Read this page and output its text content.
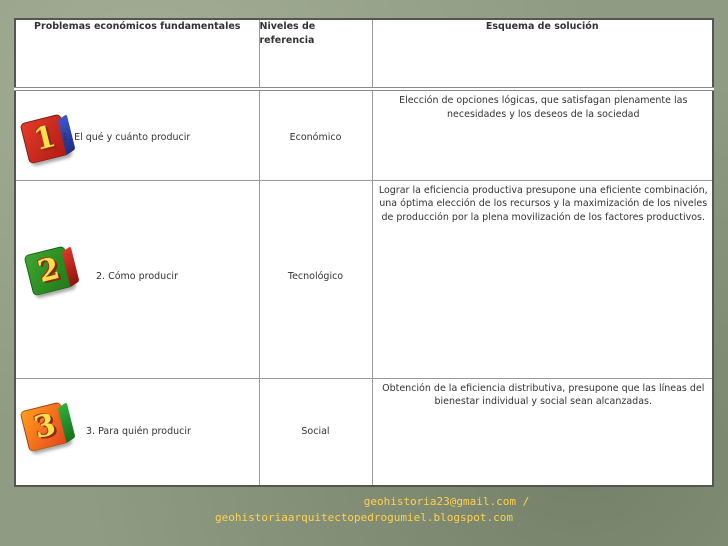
Problemas económicos fundamentales	Niveles de referencia	Esquema de solución

1 1. El qué y cuánto producir	Económico	Elección de opciones lógicas, que satisfagan plenamente las necesidades y los deseos de la sociedad

2 2. Cómo producir	Tecnológico	Lograr la eficiencia productiva presupone una eficiente combinación, una óptima elección de los recursos y la maximización de los niveles de producción por la plena movilización de los factores productivos.

3 3. Para quién producir	Social	Obtención de la eficiencia distributiva, presupone que las líneas del bienestar individual y social sean alcanzadas.
geohistoria23@gmail.com /
geohistoriaarquitectopedrogumiel.blogspot.com
